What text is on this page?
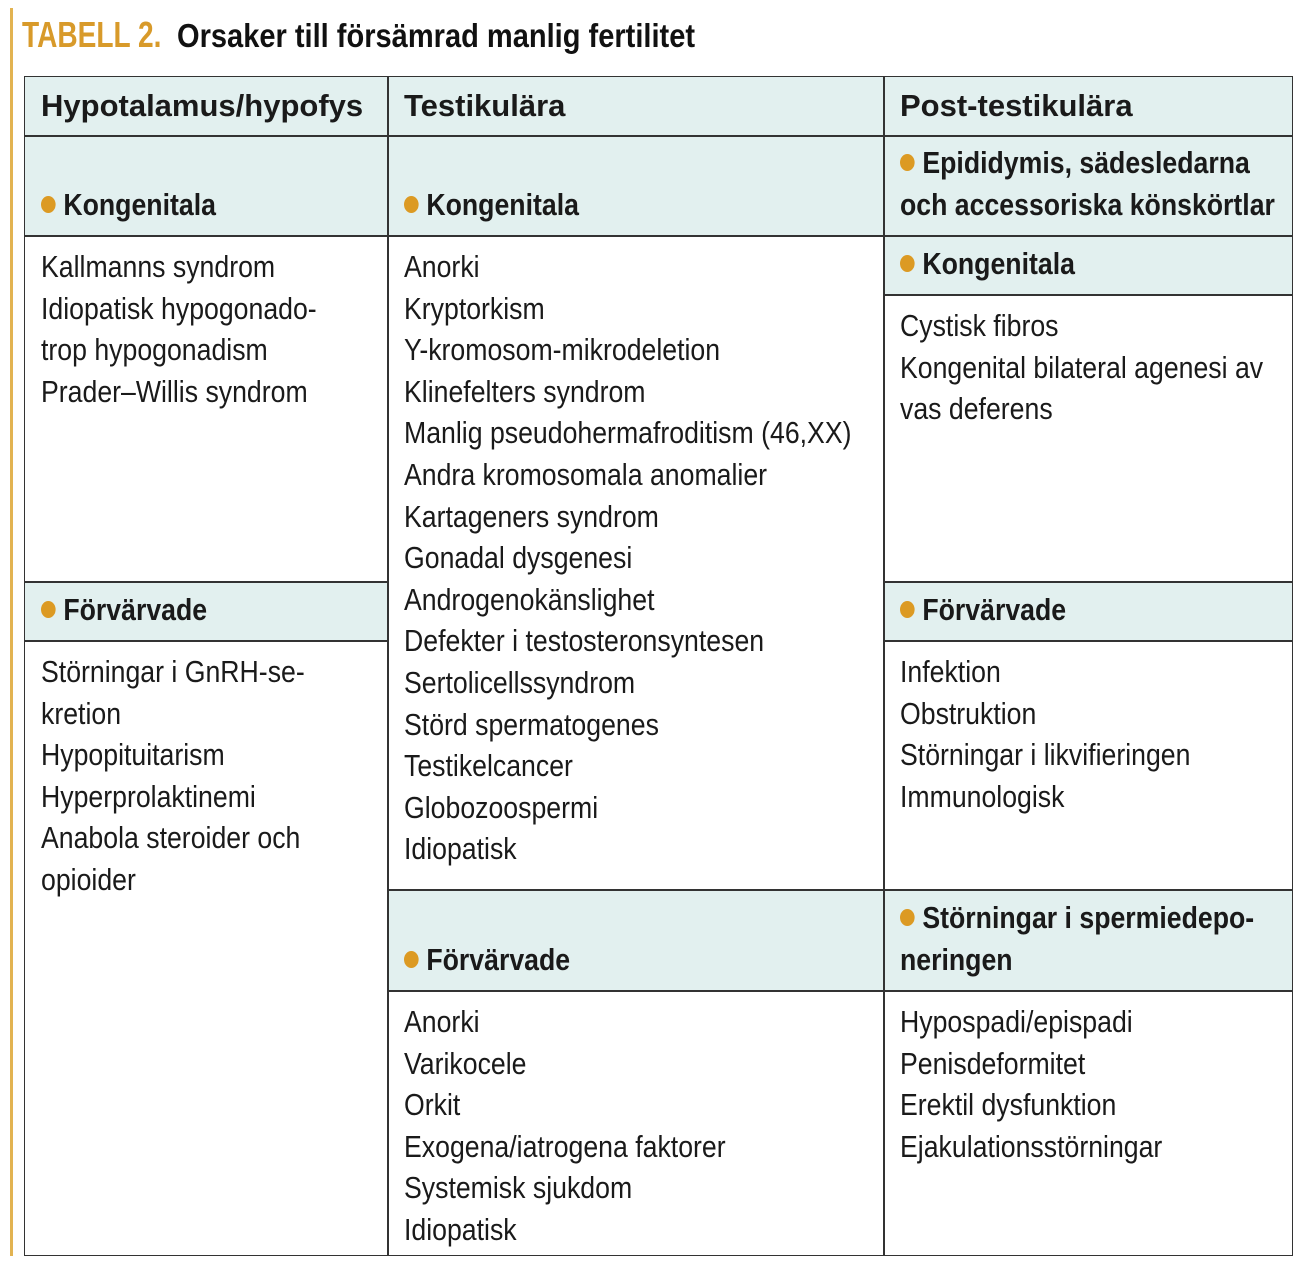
TABELL 2. Orsaker till försämrad manlig fertilitet
Hypotalamus/hypofys	Testikulära	Post-testikulära
Kongenitala
Kallmanns syndrom
Idiopatisk hypogonado-
trop hypogonadism
Prader–Willis syndrom
Förvärvade
Störningar i GnRH-se-
kretion
Hypopituitarism
Hyperprolaktinemi
Anabola steroider och
opioider
Kongenitala
Anorki
Kryptorkism
Y-kromosom-mikrodeletion
Klinefelters syndrom
Manlig pseudohermafroditism (46,XX)
Andra kromosomala anomalier
Kartageners syndrom
Gonadal dysgenesi
Androgenokänslighet
Defekter i testosteronsyntesen
Sertolicellssyndrom
Störd spermatogenes
Testikelcancer
Globozoospermi
Idiopatisk
Förvärvade
Anorki
Varikocele
Orkit
Exogena/iatrogena faktorer
Systemisk sjukdom
Idiopatisk
Epididymis, sädesledarna
och accessoriska könskörtlar
Kongenitala
Cystisk fibros
Kongenital bilateral agenesi av
vas deferens
Förvärvade
Infektion
Obstruktion
Störningar i likvifieringen
Immunologisk
Störningar i spermiedepo-
neringen
Hypospadi/epispadi
Penisdeformitet
Erektil dysfunktion
Ejakulationsstörningar
